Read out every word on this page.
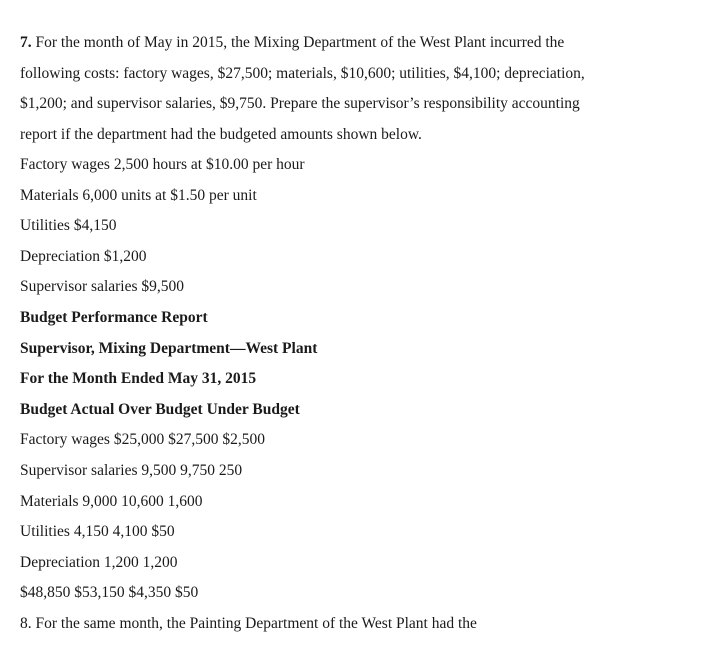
7. For the month of May in 2015, the Mixing Department of the West Plant incurred the following costs: factory wages, $27,500; materials, $10,600; utilities, $4,100; depreciation, $1,200; and supervisor salaries, $9,750. Prepare the supervisor’s responsibility accounting report if the department had the budgeted amounts shown below.

Factory wages 2,500 hours at $10.00 per hour

Materials 6,000 units at $1.50 per unit

Utilities $4,150

Depreciation $1,200

Supervisor salaries $9,500

Budget Performance Report

Supervisor, Mixing Department—West Plant

For the Month Ended May 31, 2015

Budget Actual Over Budget Under Budget

Factory wages $25,000 $27,500 $2,500

Supervisor salaries 9,500 9,750 250

Materials 9,000 10,600 1,600

Utilities 4,150 4,100 $50

Depreciation 1,200 1,200

$48,850 $53,150 $4,350 $50

8. For the same month, the Painting Department of the West Plant had the
